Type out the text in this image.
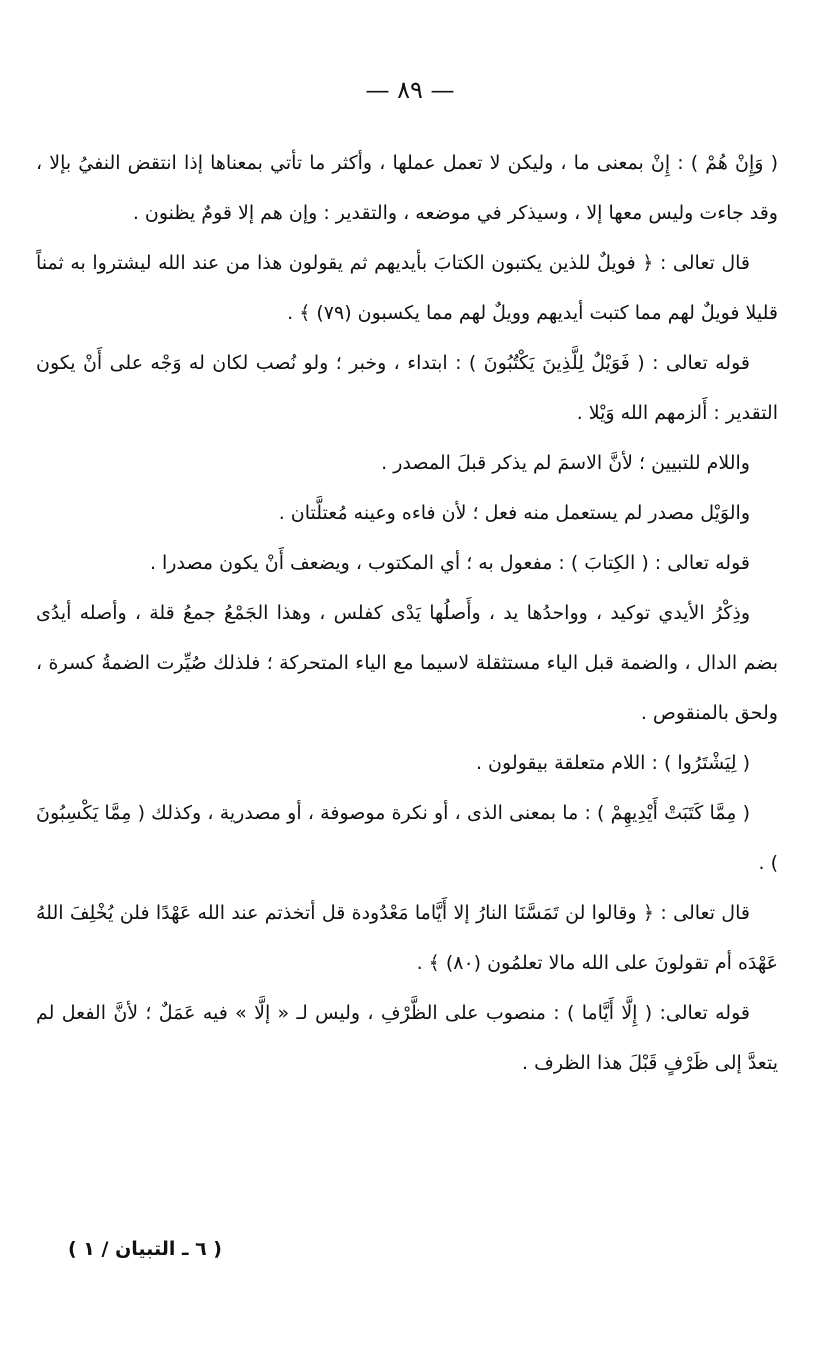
— ٨٩ —

( وَإِنْ هُمْ ) : إِنْ بمعنى ما ، وليكن لا تعمل عملها ، وأكثر ما تأتي بمعناها إذا انتقض النفيُ بإلا ، وقد جاءت وليس معها إلا ، وسيذكر في موضعه ، والتقدير : وإن هم إلا قومٌ يظنون .

قال تعالى : ﴿ فويلٌ للذين يكتبون الكتابَ بأيديهم ثم يقولون هذا من عند الله ليشتروا به ثمناً قليلا فويلٌ لهم مما كتبت أيديهم وويلٌ لهم مما يكسبون (٧٩) ﴾ .

قوله تعالى : ( فَوَيْلٌ لِلَّذِينَ يَكْتُبُونَ ) : ابتداء ، وخبر ؛ ولو نُصب لكان له وَجْه على أَنْ يكون التقدير : أَلزمهم الله وَيْلا .

واللام للتبيين ؛ لأنَّ الاسمَ لم يذكر قبلَ المصدر .

والوَيْل مصدر لم يستعمل منه فعل ؛ لأن فاءه وعينه مُعتلَّتان .

قوله تعالى : ( الكِتابَ ) : مفعول به ؛ أي المكتوب ، ويضعف أَنْ يكون مصدرا .

وذِكْرُ الأيدي توكيد ، وواحدُها يد ، وأَصلُها يَدْى كفلس ، وهذا الجَمْعُ جمعُ قلة ، وأصله أيدُى بضم الدال ، والضمة قبل الياء مستثقلة لاسيما مع الياء المتحركة ؛ فلذلك صُيِّرت الضمةُ كسرة ، ولحق بالمنقوص .

( لِيَشْتَرُوا ) : اللام متعلقة بيقولون .

( مِمَّا كَتَبَتْ أَيْدِيهِمْ ) : ما بمعنى الذى ، أو نكرة موصوفة ، أو مصدرية ، وكذلك ( مِمَّا يَكْسِبُونَ ) .

قال تعالى : ﴿ وقالوا لن تَمَسَّنَا النارُ إلا أَيَّاما مَعْدُودة قل أتخذتم عند الله عَهْدًا فلن يُخْلِفَ اللهُ عَهْدَه أم تقولونَ على الله مالا تعلمُون (٨٠) ﴾ .

قوله تعالى: ( إِلَّا أَيَّاما ) : منصوب على الظَّرْفِ ، وليس لـ « إلَّا » فيه عَمَلٌ ؛ لأنَّ الفعل لم يتعدَّ إلى ظَرْفٍ قَبْلَ هذا الظرف .

( ٦ ـ التبيان / ١ )
